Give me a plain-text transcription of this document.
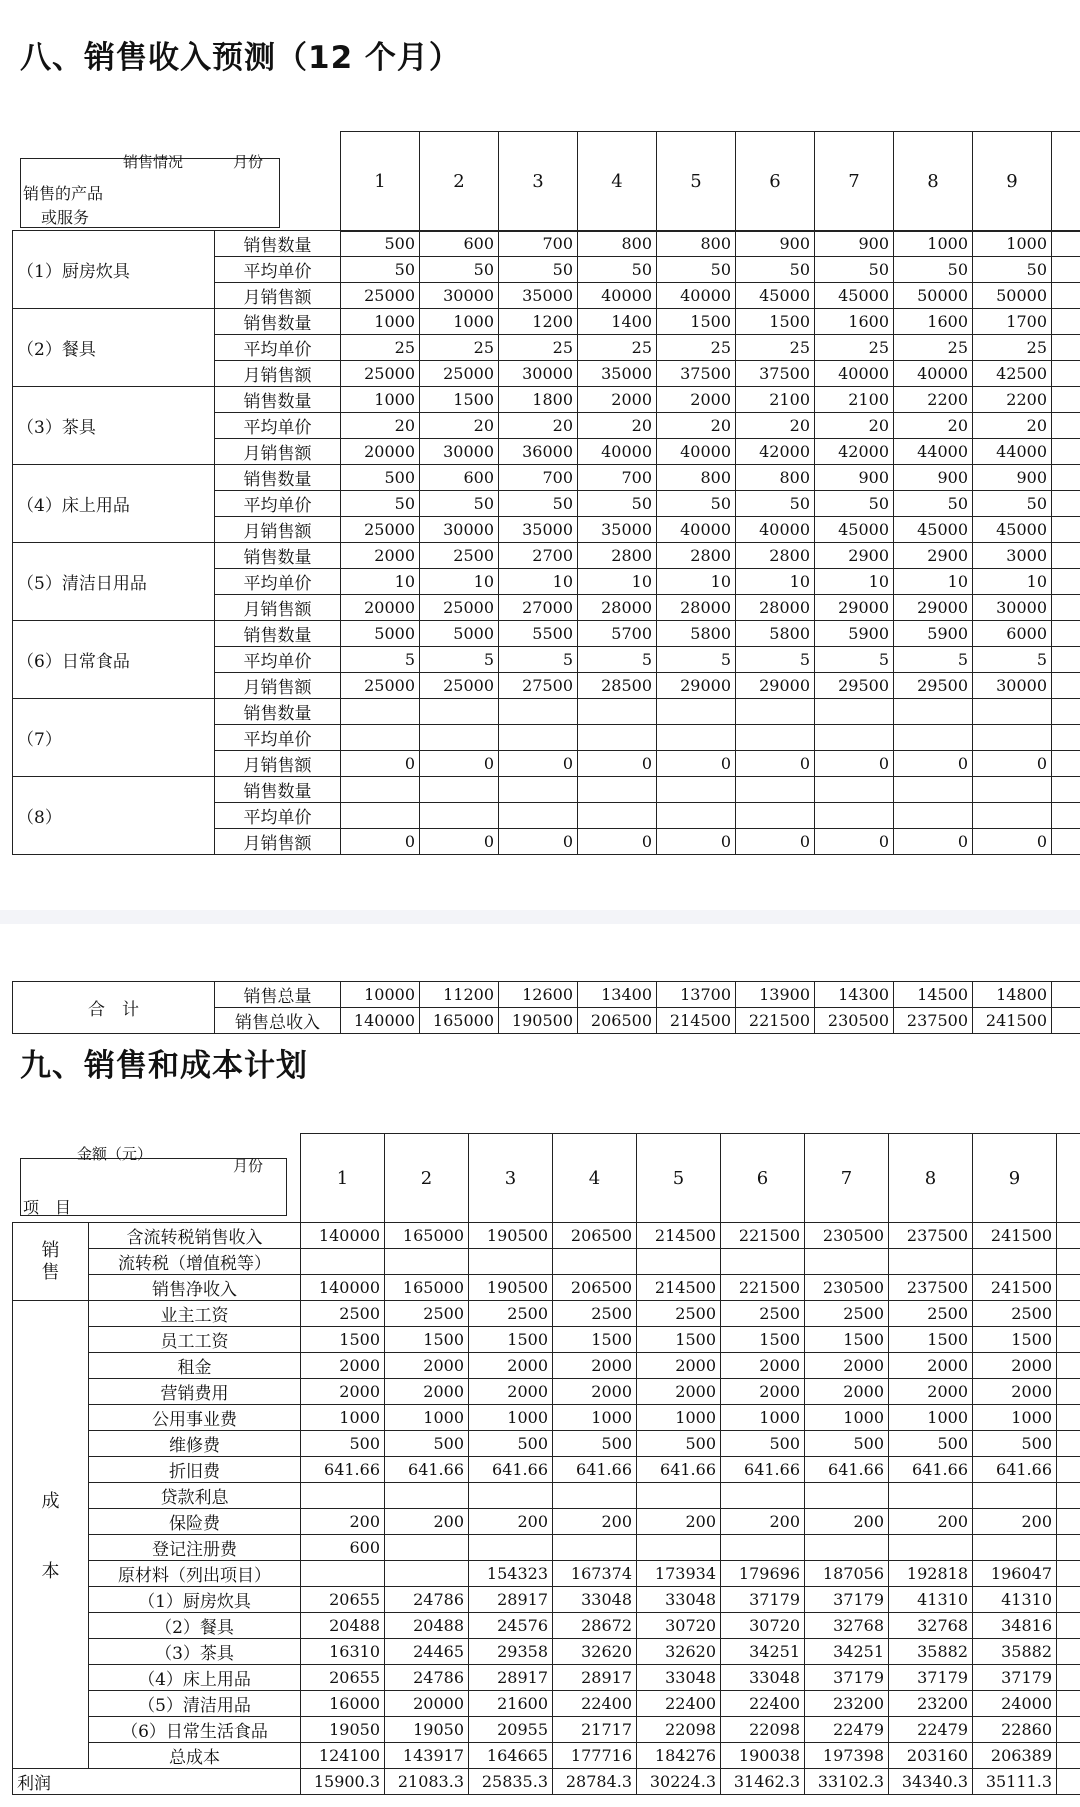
八、销售收入预测（12 个月）
销售情况	月份
销售的产品
或服务
1	2	3	4	5	6	7	8	9	
（1）厨房炊具	销售数量	500	600	700	800	800	900	900	1000	1000	
	平均单价	50	50	50	50	50	50	50	50	50	
	月销售额	25000	30000	35000	40000	40000	45000	45000	50000	50000	
（2）餐具	销售数量	1000	1000	1200	1400	1500	1500	1600	1600	1700	
	平均单价	25	25	25	25	25	25	25	25	25	
	月销售额	25000	25000	30000	35000	37500	37500	40000	40000	42500	
（3）茶具	销售数量	1000	1500	1800	2000	2000	2100	2100	2200	2200	
	平均单价	20	20	20	20	20	20	20	20	20	
	月销售额	20000	30000	36000	40000	40000	42000	42000	44000	44000	
（4）床上用品	销售数量	500	600	700	700	800	800	900	900	900	
	平均单价	50	50	50	50	50	50	50	50	50	
	月销售额	25000	30000	35000	35000	40000	40000	45000	45000	45000	
（5）清洁日用品	销售数量	2000	2500	2700	2800	2800	2800	2900	2900	3000	
	平均单价	10	10	10	10	10	10	10	10	10	
	月销售额	20000	25000	27000	28000	28000	28000	29000	29000	30000	
（6）日常食品	销售数量	5000	5000	5500	5700	5800	5800	5900	5900	6000	
	平均单价	5	5	5	5	5	5	5	5	5	
	月销售额	25000	25000	27500	28500	29000	29000	29500	29500	30000	
（7）	销售数量										
	平均单价										
	月销售额	0	0	0	0	0	0	0	0	0	
（8）	销售数量										
	平均单价										
	月销售额	0	0	0	0	0	0	0	0	0	
合　计	销售总量	10000	11200	12600	13400	13700	13900	14300	14500	14800	
	销售总收入	140000	165000	190500	206500	214500	221500	230500	237500	241500	
九、销售和成本计划
金额（元）
月份
项　目
1	2	3	4	5	6	7	8	9	
销售	含流转税销售收入	140000	165000	190500	206500	214500	221500	230500	237500	241500	
	流转税（增值税等）										
	销售净收入	140000	165000	190500	206500	214500	221500	230500	237500	241500	

成
本	业主工资	2500	2500	2500	2500	2500	2500	2500	2500	2500	
	员工工资	1500	1500	1500	1500	1500	1500	1500	1500	1500	
	租金	2000	2000	2000	2000	2000	2000	2000	2000	2000	
	营销费用	2000	2000	2000	2000	2000	2000	2000	2000	2000	
	公用事业费	1000	1000	1000	1000	1000	1000	1000	1000	1000	
	维修费	500	500	500	500	500	500	500	500	500	
	折旧费	641.66	641.66	641.66	641.66	641.66	641.66	641.66	641.66	641.66	
	贷款利息										
	保险费	200	200	200	200	200	200	200	200	200	
	登记注册费	600									
	原材料（列出项目）			154323	167374	173934	179696	187056	192818	196047	
	（1）厨房炊具	20655	24786	28917	33048	33048	37179	37179	41310	41310	
	（2）餐具	20488	20488	24576	28672	30720	30720	32768	32768	34816	
	（3）茶具	16310	24465	29358	32620	32620	34251	34251	35882	35882	
	（4）床上用品	20655	24786	28917	28917	33048	33048	37179	37179	37179	
	（5）清洁用品	16000	20000	21600	22400	22400	22400	23200	23200	24000	
	（6）日常生活食品	19050	19050	20955	21717	22098	22098	22479	22479	22860	
	总成本	124100	143917	164665	177716	184276	190038	197398	203160	206389	
利润		15900.3	21083.3	25835.3	28784.3	30224.3	31462.3	33102.3	34340.3	35111.3	
